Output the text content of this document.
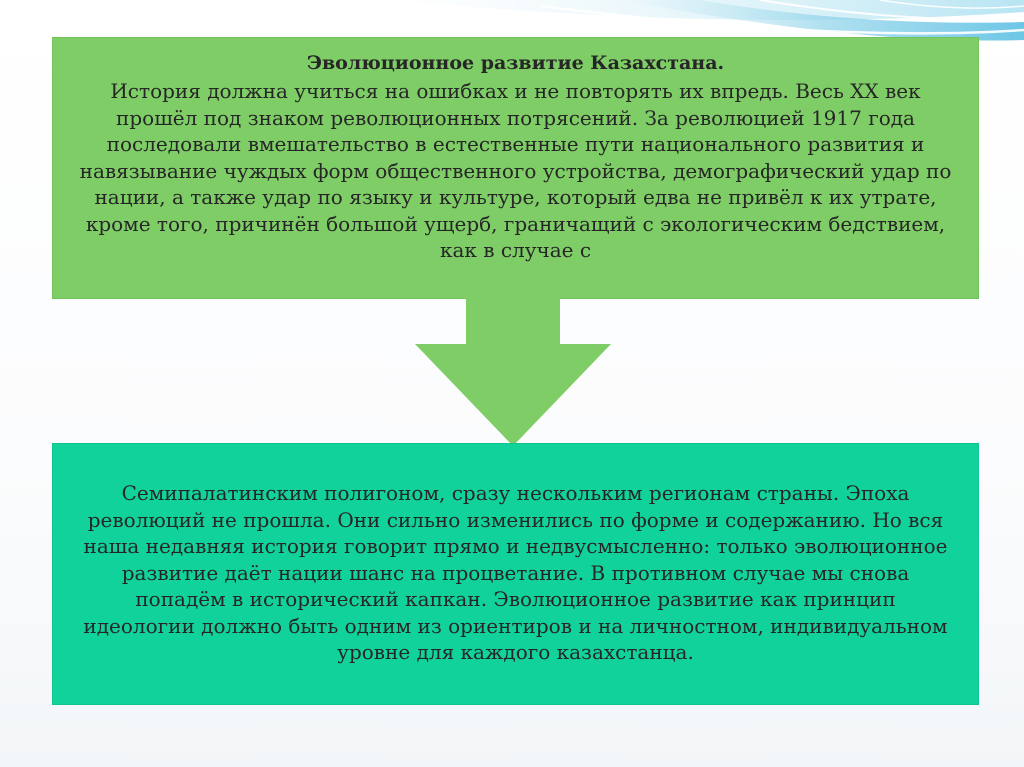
Эволюционное развитие Казахстана.
История должна учиться на ошибках и не повторять их впредь. Весь XX век прошёл под знаком революционных потрясений. За революцией 1917 года последовали вмешательство в естественные пути национального развития и навязывание чуждых форм общественного устройства, демографический удар по нации, а также удар по языку и культуре, который едва не привёл к их утрате, кроме того, причинён большой ущерб, граничащий с экологическим бедствием, как в случае с
Семипалатинским полигоном, сразу нескольким регионам страны. Эпоха революций не прошла. Они сильно изменились по форме и содержанию. Но вся наша недавняя история говорит прямо и недвусмысленно: только эволюционное развитие даёт нации шанс на процветание. В противном случае мы снова попадём в исторический капкан. Эволюционное развитие как принцип идеологии должно быть одним из ориентиров и на личностном, индивидуальном уровне для каждого казахстанца.
